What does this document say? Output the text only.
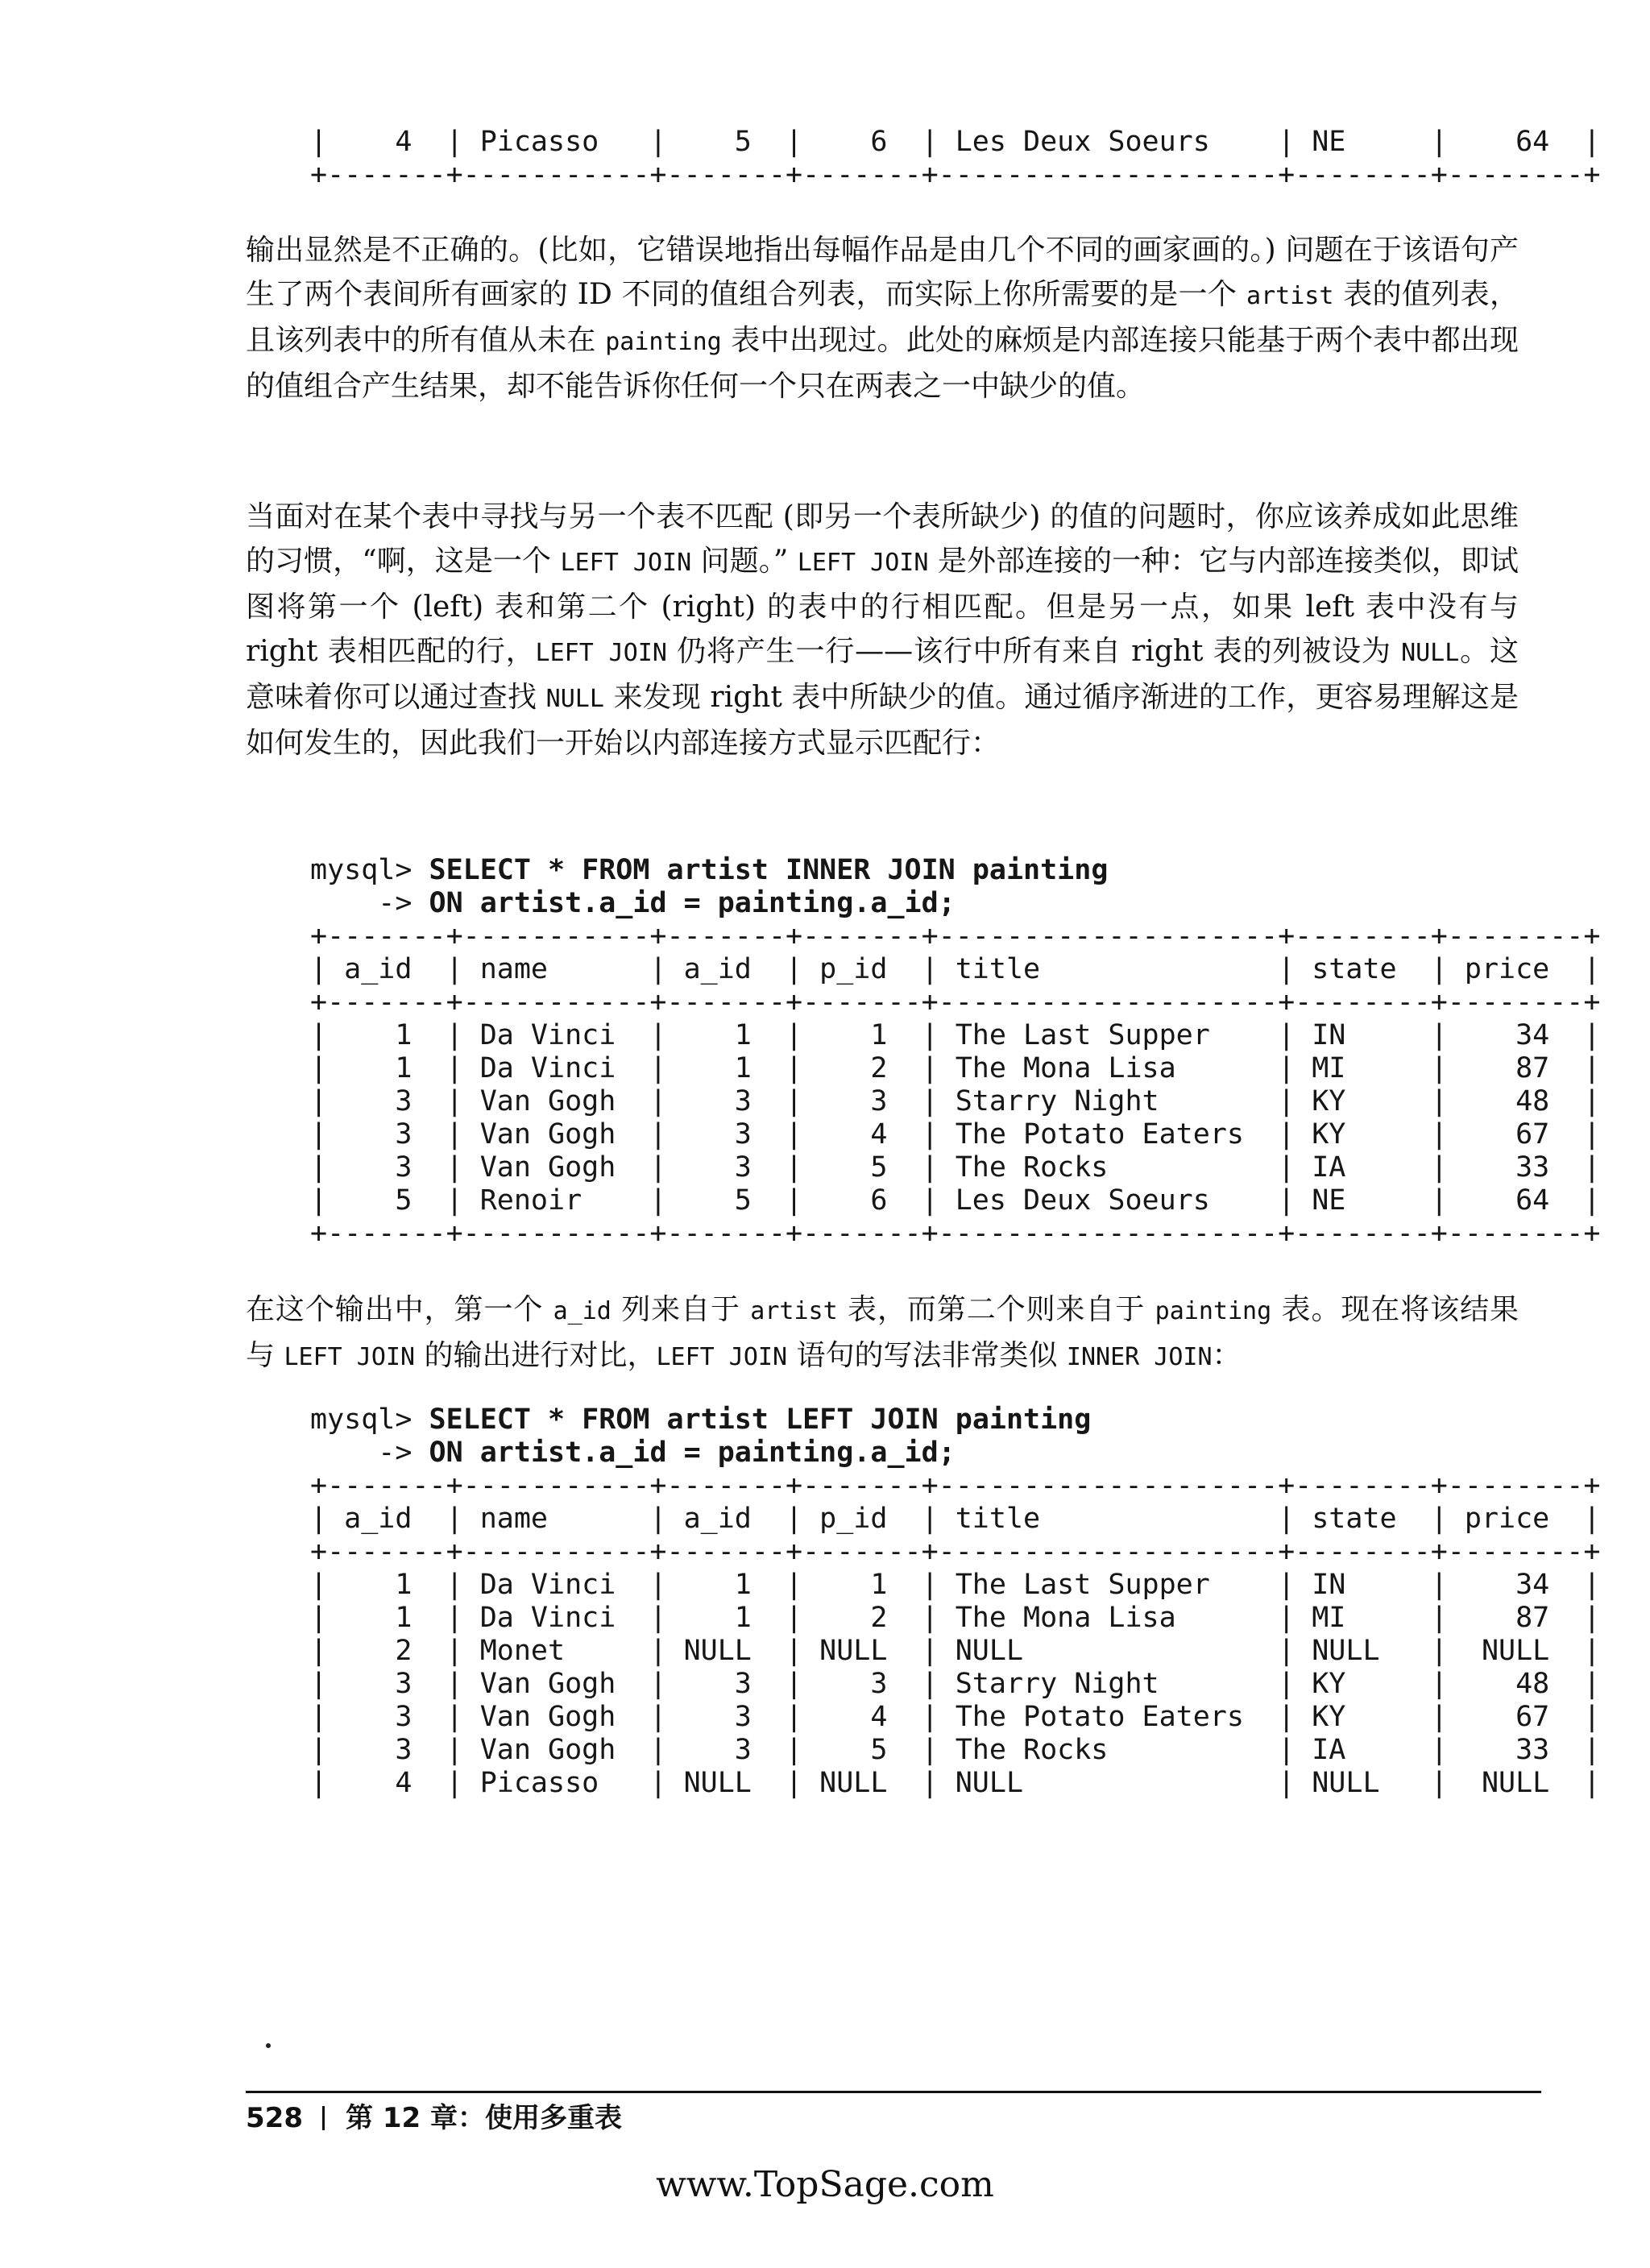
|    4  | Picasso   |    5  |    6  | Les Deux Soeurs    | NE     |    64  |
+-------+-----------+-------+-------+--------------------+--------+--------+

输出显然是不正确的。(比如，它错误地指出每幅作品是由几个不同的画家画的。) 问题在于该语句产生了两个表间所有画家的 ID 不同的值组合列表，而实际上你所需要的是一个 artist 表的值列表，且该列表中的所有值从未在 painting 表中出现过。此处的麻烦是内部连接只能基于两个表中都出现的值组合产生结果，却不能告诉你任何一个只在两表之一中缺少的值。

当面对在某个表中寻找与另一个表不匹配 (即另一个表所缺少) 的值的问题时，你应该养成如此思维的习惯，“啊，这是一个 LEFT JOIN 问题。” LEFT JOIN 是外部连接的一种：它与内部连接类似，即试图将第一个 (left) 表和第二个 (right) 的表中的行相匹配。但是另一点，如果 left 表中没有与 right 表相匹配的行，LEFT JOIN 仍将产生一行——该行中所有来自 right 表的列被设为 NULL。这意味着你可以通过查找 NULL 来发现 right 表中所缺少的值。通过循序渐进的工作，更容易理解这是如何发生的，因此我们一开始以内部连接方式显示匹配行：

mysql> SELECT * FROM artist INNER JOIN painting
-> ON artist.a_id = painting.a_id;
+-------+-----------+-------+-------+--------------------+--------+--------+
| a_id  | name      | a_id  | p_id  | title              | state  | price  |
+-------+-----------+-------+-------+--------------------+--------+--------+
|    1  | Da Vinci  |    1  |    1  | The Last Supper    | IN     |    34  |
|    1  | Da Vinci  |    1  |    2  | The Mona Lisa      | MI     |    87  |
|    3  | Van Gogh  |    3  |    3  | Starry Night       | KY     |    48  |
|    3  | Van Gogh  |    3  |    4  | The Potato Eaters  | KY     |    67  |
|    3  | Van Gogh  |    3  |    5  | The Rocks          | IA     |    33  |
|    5  | Renoir    |    5  |    6  | Les Deux Soeurs    | NE     |    64  |
+-------+-----------+-------+-------+--------------------+--------+--------+

在这个输出中，第一个 a_id 列来自于 artist 表，而第二个则来自于 painting 表。现在将该结果与 LEFT JOIN 的输出进行对比，LEFT JOIN 语句的写法非常类似 INNER JOIN：

mysql> SELECT * FROM artist LEFT JOIN painting
-> ON artist.a_id = painting.a_id;
+-------+-----------+-------+-------+--------------------+--------+--------+
| a_id  | name      | a_id  | p_id  | title              | state  | price  |
+-------+-----------+-------+-------+--------------------+--------+--------+
|    1  | Da Vinci  |    1  |    1  | The Last Supper    | IN     |    34  |
|    1  | Da Vinci  |    1  |    2  | The Mona Lisa      | MI     |    87  |
|    2  | Monet     | NULL  | NULL  | NULL               | NULL   |  NULL  |
|    3  | Van Gogh  |    3  |    3  | Starry Night       | KY     |    48  |
|    3  | Van Gogh  |    3  |    4  | The Potato Eaters  | KY     |    67  |
|    3  | Van Gogh  |    3  |    5  | The Rocks          | IA     |    33  |
|    4  | Picasso   | NULL  | NULL  | NULL               | NULL   |  NULL  |
528 第 12 章：使用多重表
www.TopSage.com
